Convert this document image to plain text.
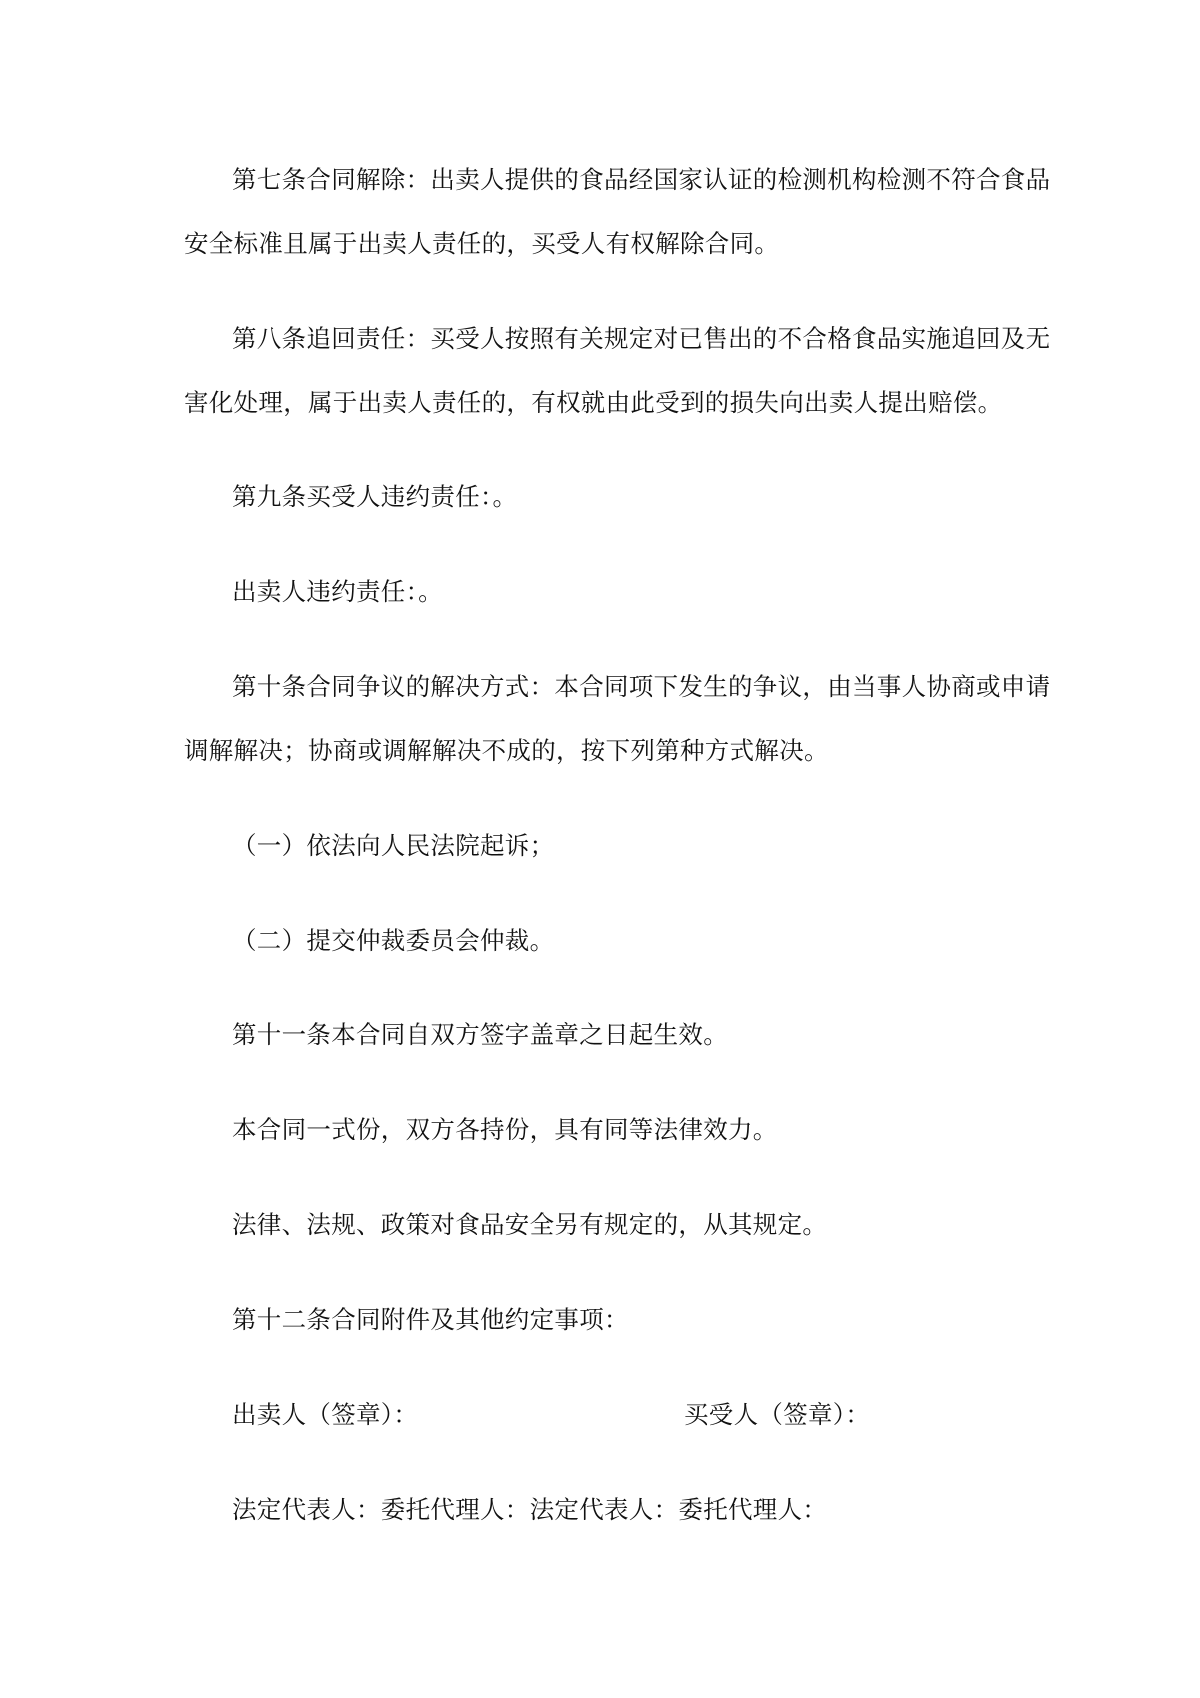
第七条合同解除：出卖人提供的食品经国家认证的检测机构检测不符合食品
安全标准且属于出卖人责任的，买受人有权解除合同。
第八条追回责任：买受人按照有关规定对已售出的不合格食品实施追回及无
害化处理，属于出卖人责任的，有权就由此受到的损失向出卖人提出赔偿。
第九条买受人违约责任：。
出卖人违约责任：。
第十条合同争议的解决方式：本合同项下发生的争议，由当事人协商或申请
调解解决；协商或调解解决不成的，按下列第种方式解决。
（一）依法向人民法院起诉；
（二）提交仲裁委员会仲裁。
第十一条本合同自双方签字盖章之日起生效。
本合同一式份，双方各持份，具有同等法律效力。
法律、法规、政策对食品安全另有规定的，从其规定。
第十二条合同附件及其他约定事项：
出卖人（签章）：	买受人（签章）：
法定代表人：委托代理人：法定代表人：委托代理人：
